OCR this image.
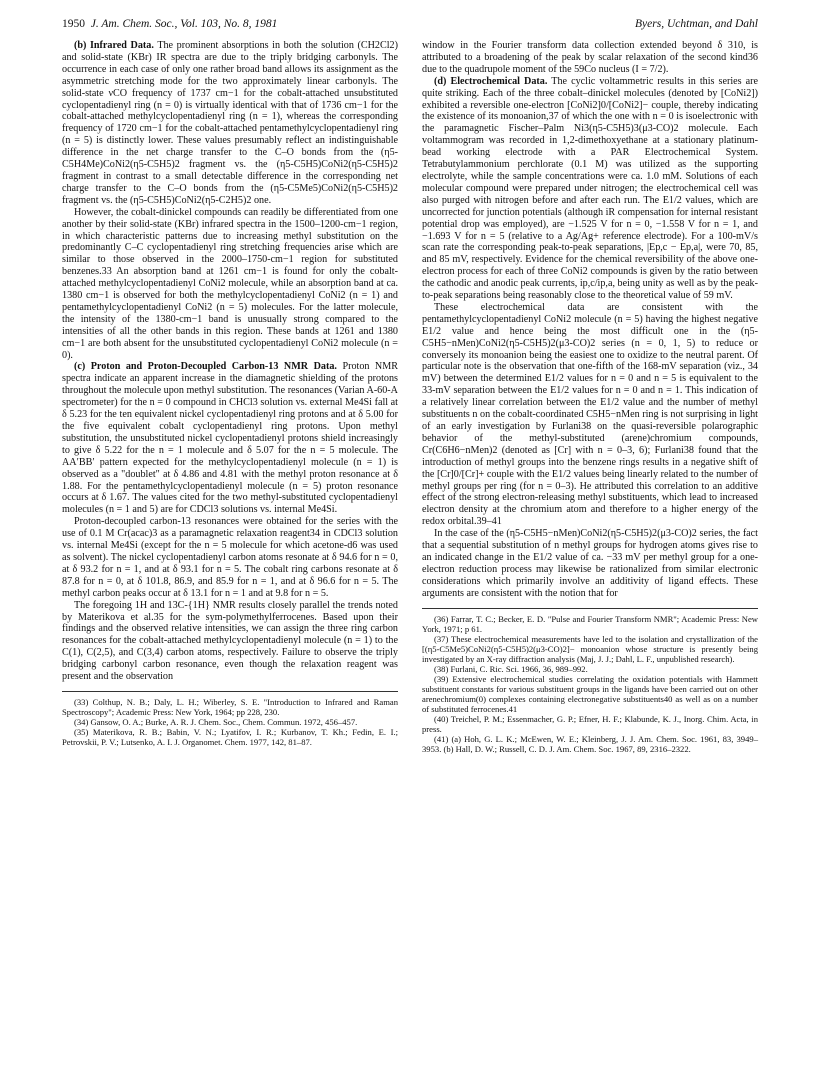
1950 J. Am. Chem. Soc., Vol. 103, No. 8, 1981	Byers, Uchtman, and Dahl

(b) Infrared Data. The prominent absorptions in both the solution (CH2Cl2) and solid-state (KBr) IR spectra are due to the triply bridging carbonyls. The occurrence in each case of only one rather broad band allows its assignment as the asymmetric stretching mode for the two approximately linear carbonyls. The solid-state νCO frequency of 1737 cm−1 for the cobalt-attached unsubstituted cyclopentadienyl ring (n = 0) is virtually identical with that of 1736 cm−1 for the cobalt-attached methylcyclopentadienyl ring (n = 1), whereas the corresponding frequency of 1720 cm−1 for the cobalt-attached pentamethylcyclopentadienyl ring (n = 5) is distinctly lower. These values presumably reflect an indistinguishable difference in the net charge transfer to the C–O bonds from the (η5-C5H4Me)CoNi2(η5-C5H5)2 fragment vs. the (η5-C5H5)CoNi2(η5-C5H5)2 fragment in contrast to a small detectable difference in the corresponding net charge transfer to the C–O bonds from the (η5-C5Me5)CoNi2(η5-C5H5)2 fragment vs. the (η5-C5H5)CoNi2(η5-C2H5)2 one.

However, the cobalt-dinickel compounds can readily be differentiated from one another by their solid-state (KBr) infrared spectra in the 1500–1200-cm−1 region, in which characteristic patterns due to increasing methyl substitution on the predominantly C–C cyclopentadienyl ring stretching frequencies arise which are similar to those observed in the 2000–1750-cm−1 region for substituted benzenes.33 An absorption band at 1261 cm−1 is found for only the cobalt-attached methylcyclopentadienyl CoNi2 molecule, while an absorption band at ca. 1380 cm−1 is observed for both the methylcyclopentadienyl CoNi2 (n = 1) and pentamethylcyclopentadienyl CoNi2 (n = 5) molecules. For the latter molecule, the intensity of the 1380-cm−1 band is unusually strong compared to the intensities of all the other bands in this region. These bands at 1261 and 1380 cm−1 are both absent for the unsubstituted cyclopentadienyl CoNi2 molecule (n = 0).

(c) Proton and Proton-Decoupled Carbon-13 NMR Data. Proton NMR spectra indicate an apparent increase in the diamagnetic shielding of the protons throughout the molecule upon methyl substitution. The resonances (Varian A-60-A spectrometer) for the n = 0 compound in CHCl3 solution vs. external Me4Si fall at δ 5.23 for the ten equivalent nickel cyclopentadienyl ring protons and at δ 5.00 for the five equivalent cobalt cyclopentadienyl ring protons. Upon methyl substitution, the unsubstituted nickel cyclopentadienyl protons shield increasingly to give δ 5.22 for the n = 1 molecule and δ 5.07 for the n = 5 molecule. The AA′BB′ pattern expected for the methylcyclopentadienyl molecule (n = 1) is observed as a "doublet" at δ 4.86 and 4.81 with the methyl proton resonance at δ 1.88. For the pentamethylcyclopentadienyl molecule (n = 5) proton resonance occurs at δ 1.67. The values cited for the two methyl-substituted cyclopentadienyl molecules (n = 1 and 5) are for CDCl3 solutions vs. internal Me4Si.

Proton-decoupled carbon-13 resonances were obtained for the series with the use of 0.1 M Cr(acac)3 as a paramagnetic relaxation reagent34 in CDCl3 solution vs. internal Me4Si (except for the n = 5 molecule for which acetone-d6 was used as solvent). The nickel cyclopentadienyl carbon atoms resonate at δ 94.6 for n = 0, at δ 93.2 for n = 1, and at δ 93.1 for n = 5. The cobalt ring carbons resonate at δ 87.8 for n = 0, at δ 101.8, 86.9, and 85.9 for n = 1, and at δ 96.6 for n = 5. The methyl carbon peaks occur at δ 13.1 for n = 1 and at 9.8 for n = 5.

The foregoing 1H and 13C-{1H} NMR results closely parallel the trends noted by Materikova et al.35 for the sym-polymethylferrocenes. Based upon their findings and the observed relative intensities, we can assign the three ring carbon resonances for the cobalt-attached methylcyclopentadienyl molecule (n = 1) to the C(1), C(2,5), and C(3,4) carbon atoms, respectively. Failure to observe the triply bridging carbonyl carbon resonance, even though the relaxation reagent was present and the observation

(33) Colthup, N. B.; Daly, L. H.; Wiberley, S. E. "Introduction to Infrared and Raman Spectroscopy"; Academic Press: New York, 1964; pp 228, 230.

(34) Gansow, O. A.; Burke, A. R. J. Chem. Soc., Chem. Commun. 1972, 456–457.

(35) Materikova, R. B.; Babin, V. N.; Lyatifov, I. R.; Kurbanov, T. Kh.; Fedin, E. I.; Petrovskii, P. V.; Lutsenko, A. I. J. Organomet. Chem. 1977, 142, 81–87.

window in the Fourier transform data collection extended beyond δ 310, is attributed to a broadening of the peak by scalar relaxation of the second kind36 due to the quadrupole moment of the 59Co nucleus (I = 7/2).

(d) Electrochemical Data. The cyclic voltammetric results in this series are quite striking. Each of the three cobalt–dinickel molecules (denoted by [CoNi2]) exhibited a reversible one-electron [CoNi2]0/[CoNi2]− couple, thereby indicating the existence of its monoanion,37 of which the one with n = 0 is isoelectronic with the paramagnetic Fischer–Palm Ni3(η5-C5H5)3(μ3-CO)2 molecule. Each voltammogram was recorded in 1,2-dimethoxyethane at a stationary platinum-bead working electrode with a PAR Electrochemical System. Tetrabutylammonium perchlorate (0.1 M) was utilized as the supporting electrolyte, while the sample concentrations were ca. 1.0 mM. Solutions of each molecular compound were prepared under nitrogen; the electrochemical cell was also purged with nitrogen before and after each run. The E1/2 values, which are uncorrected for junction potentials (although iR compensation for internal resistant potential drop was employed), are −1.525 V for n = 0, −1.558 V for n = 1, and −1.693 V for n = 5 (relative to a Ag/Ag+ reference electrode). For a 100-mV/s scan rate the corresponding peak-to-peak separations, |Ep,c − Ep,a|, were 70, 85, and 85 mV, respectively. Evidence for the chemical reversibility of the above one-electron process for each of three CoNi2 compounds is given by the ratio between the cathodic and anodic peak currents, ip,c/ip,a, being unity as well as by the peak-to-peak separations being reasonably close to the theoretical value of 59 mV.

These electrochemical data are consistent with the pentamethylcyclopentadienyl CoNi2 molecule (n = 5) having the highest negative E1/2 value and hence being the most difficult one in the (η5-C5H5−nMen)CoNi2(η5-C5H5)2(μ3-CO)2 series (n = 0, 1, 5) to reduce or conversely its monoanion being the easiest one to oxidize to the neutral parent. Of particular note is the observation that one-fifth of the 168-mV separation (viz., 34 mV) between the determined E1/2 values for n = 0 and n = 5 is equivalent to the 33-mV separation between the E1/2 values for n = 0 and n = 1. This indication of a relatively linear correlation between the E1/2 value and the number of methyl substituents n on the cobalt-coordinated C5H5−nMen ring is not surprising in light of an early investigation by Furlani38 on the quasi-reversible polarographic behavior of the methyl-substituted (arene)chromium compounds, Cr(C6H6−nMen)2 (denoted as [Cr] with n = 0–3, 6); Furlani38 found that the introduction of methyl groups into the benzene rings results in a negative shift of the [Cr]0/[Cr]+ couple with the E1/2 values being linearly related to the number of methyl groups per ring (for n = 0–3). He attributed this correlation to an additive effect of the strong electron-releasing methyl substituents, which lead to increased electron density at the chromium atom and therefore to a higher energy of the redox orbital.39–41

In the case of the (η5-C5H5−nMen)CoNi2(η5-C5H5)2(μ3-CO)2 series, the fact that a sequential substitution of n methyl groups for hydrogen atoms gives rise to an indicated change in the E1/2 value of ca. −33 mV per methyl group for a one-electron reduction process may likewise be rationalized from similar electronic considerations which primarily involve an additivity of ligand effects. These arguments are consistent with the notion that for

(36) Farrar, T. C.; Becker, E. D. "Pulse and Fourier Transform NMR"; Academic Press: New York, 1971; p 61.

(37) These electrochemical measurements have led to the isolation and crystallization of the [(η5-C5Me5)CoNi2(η5-C5H5)2(μ3-CO)2]− monoanion whose structure is presently being investigated by an X-ray diffraction analysis (Maj, J. J.; Dahl, L. F., unpublished research).

(38) Furlani, C. Ric. Sci. 1966, 36, 989–992.

(39) Extensive electrochemical studies correlating the oxidation potentials with Hammett substituent constants for various substituent groups in the ligands have been carried out on other arenechromium(0) complexes containing electronegative substituents40 as well as on a number of substituted ferrocenes.41

(40) Treichel, P. M.; Essenmacher, G. P.; Efner, H. F.; Klabunde, K. J., Inorg. Chim. Acta, in press.

(41) (a) Hoh, G. L. K.; McEwen, W. E.; Kleinberg, J. J. Am. Chem. Soc. 1961, 83, 3949–3953. (b) Hall, D. W.; Russell, C. D. J. Am. Chem. Soc. 1967, 89, 2316–2322.
